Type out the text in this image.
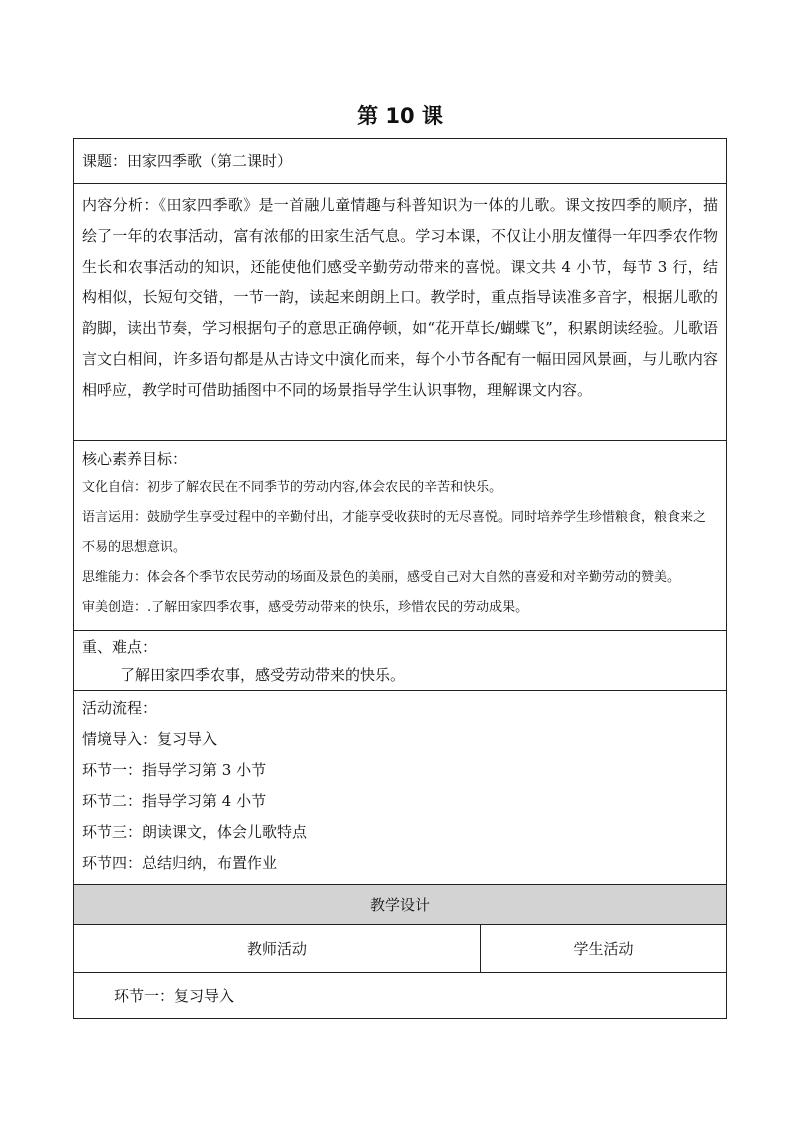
第 10 课
课题：田家四季歌（第二课时）
内容分析：《田家四季歌》是一首融儿童情趣与科普知识为一体的儿歌。课文按四季的顺序，描绘了一年的农事活动，富有浓郁的田家生活气息。学习本课，不仅让小朋友懂得一年四季农作物生长和农事活动的知识，还能使他们感受辛勤劳动带来的喜悦。课文共 4 小节，每节 3 行，结构相似，长短句交错，一节一韵，读起来朗朗上口。教学时，重点指导读准多音字，根据儿歌的韵脚，读出节奏，学习根据句子的意思正确停顿，如“花开草长/蝴蝶飞”，积累朗读经验。儿歌语言文白相间，许多语句都是从古诗文中演化而来，每个小节各配有一幅田园风景画，与儿歌内容相呼应，教学时可借助插图中不同的场景指导学生认识事物，理解课文内容。
核心素养目标：
文化自信：初步了解农民在不同季节的劳动内容,体会农民的辛苦和快乐。
语言运用：鼓励学生享受过程中的辛勤付出，才能享受收获时的无尽喜悦。同时培养学生珍惜粮食，粮食来之不易的思想意识。
思维能力：体会各个季节农民劳动的场面及景色的美丽，感受自己对大自然的喜爱和对辛勤劳动的赞美。
审美创造：.了解田家四季农事，感受劳动带来的快乐，珍惜农民的劳动成果。
重、难点：
了解田家四季农事，感受劳动带来的快乐。
活动流程：
情境导入：复习导入
环节一：指导学习第 3 小节
环节二：指导学习第 4 小节
环节三：朗读课文，体会儿歌特点
环节四：总结归纳，布置作业
教学设计
教师活动	学生活动
环节一：复习导入
